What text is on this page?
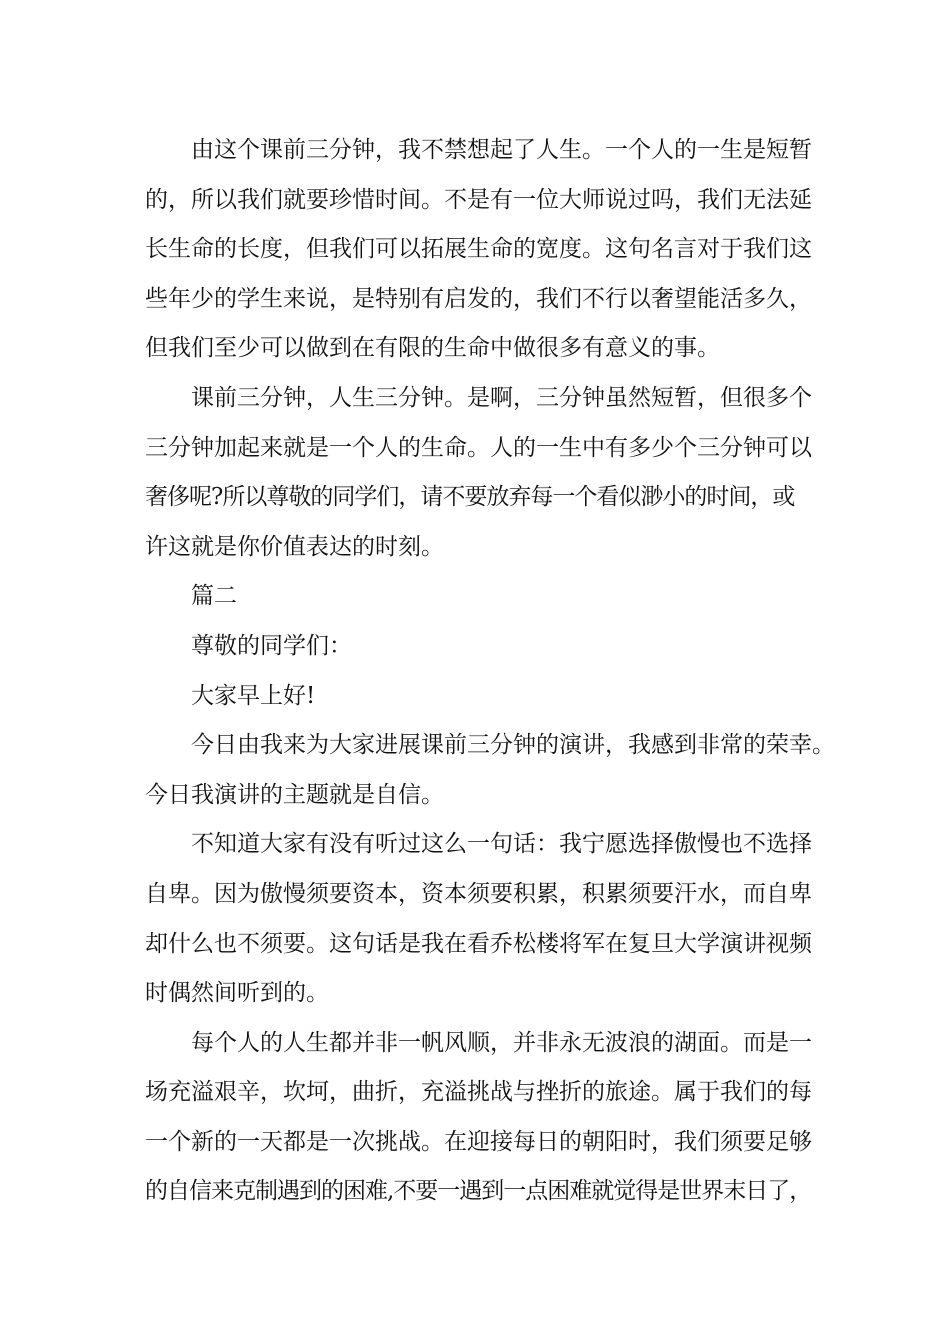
由这个课前三分钟，我不禁想起了人生。一个人的一生是短暂
的，所以我们就要珍惜时间。不是有一位大师说过吗，我们无法延
长生命的长度，但我们可以拓展生命的宽度。这句名言对于我们这
些年少的学生来说，是特别有启发的，我们不行以奢望能活多久，
但我们至少可以做到在有限的生命中做很多有意义的事。
课前三分钟，人生三分钟。是啊，三分钟虽然短暂，但很多个
三分钟加起来就是一个人的生命。人的一生中有多少个三分钟可以
奢侈呢?所以尊敬的同学们，请不要放弃每一个看似渺小的时间，或
许这就是你价值表达的时刻。
篇二
尊敬的同学们：
大家早上好!
今日由我来为大家进展课前三分钟的演讲，我感到非常的荣幸。
今日我演讲的主题就是自信。
不知道大家有没有听过这么一句话：我宁愿选择傲慢也不选择
自卑。因为傲慢须要资本，资本须要积累，积累须要汗水，而自卑
却什么也不须要。这句话是我在看乔松楼将军在复旦大学演讲视频
时偶然间听到的。
每个人的人生都并非一帆风顺，并非永无波浪的湖面。而是一
场充溢艰辛，坎坷，曲折，充溢挑战与挫折的旅途。属于我们的每
一个新的一天都是一次挑战。在迎接每日的朝阳时，我们须要足够
的自信来克制遇到的困难,不要一遇到一点困难就觉得是世界末日了，
